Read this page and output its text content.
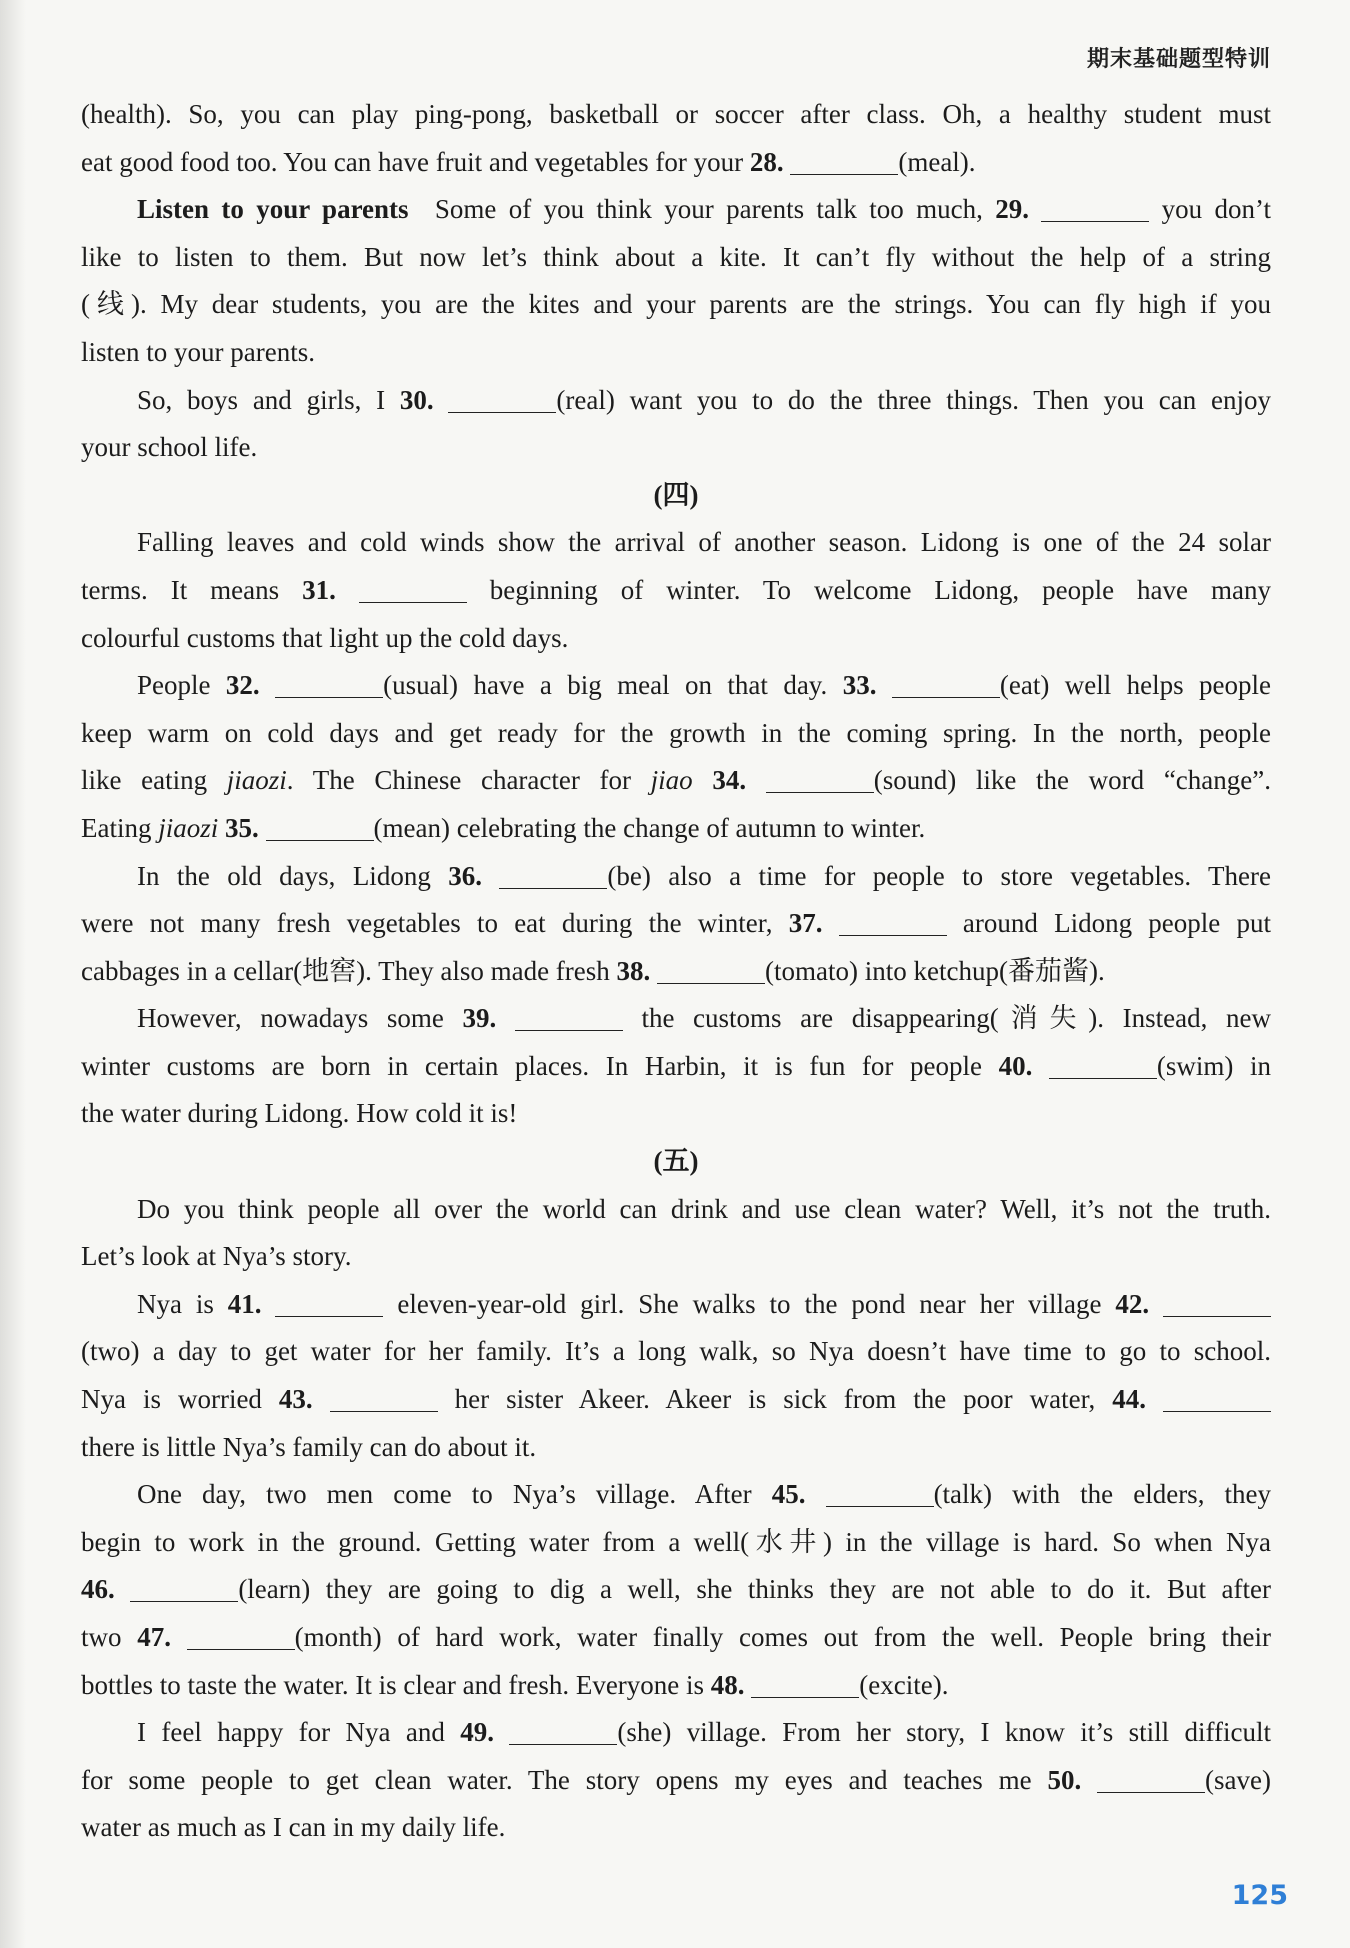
期末基础题型特训
(health). So, you can play ping-pong, basketball or soccer after class. Oh, a healthy student must
eat good food too. You can have fruit and vegetables for your 28.	(meal).
Listen to your parents Some of you think your parents talk too much, 29.	you don’t
like to listen to them. But now let’s think about a kite. It can’t fly without the help of a string
(线). My dear students, you are the kites and your parents are the strings. You can fly high if you
listen to your parents.
So, boys and girls, I 30.	(real) want you to do the three things. Then you can enjoy
your school life.
(四)
Falling leaves and cold winds show the arrival of another season. Lidong is one of the 24 solar
terms. It means 31.	beginning of winter. To welcome Lidong, people have many
colourful customs that light up the cold days.
People 32.	(usual) have a big meal on that day. 33.	(eat) well helps people
keep warm on cold days and get ready for the growth in the coming spring. In the north, people
like eating jiaozi. The Chinese character for jiao 34.	(sound) like the word “change”.
Eating jiaozi 35.	(mean) celebrating the change of autumn to winter.
In the old days, Lidong 36.	(be) also a time for people to store vegetables. There
were not many fresh vegetables to eat during the winter, 37.	around Lidong people put
cabbages in a cellar(地窖). They also made fresh 38.	(tomato) into ketchup(番茄酱).
However, nowadays some 39.	the customs are disappearing(消失). Instead, new
winter customs are born in certain places. In Harbin, it is fun for people 40.	(swim) in
the water during Lidong. How cold it is!
(五)
Do you think people all over the world can drink and use clean water? Well, it’s not the truth.
Let’s look at Nya’s story.
Nya is 41.	eleven-year-old girl. She walks to the pond near her village 42.
(two) a day to get water for her family. It’s a long walk, so Nya doesn’t have time to go to school.
Nya is worried 43.	her sister Akeer. Akeer is sick from the poor water, 44.
there is little Nya’s family can do about it.
One day, two men come to Nya’s village. After 45.	(talk) with the elders, they
begin to work in the ground. Getting water from a well(水井) in the village is hard. So when Nya
46.	(learn) they are going to dig a well, she thinks they are not able to do it. But after
two 47.	(month) of hard work, water finally comes out from the well. People bring their
bottles to taste the water. It is clear and fresh. Everyone is 48.	(excite).
I feel happy for Nya and 49.	(she) village. From her story, I know it’s still difficult
for some people to get clean water. The story opens my eyes and teaches me 50.	(save)
water as much as I can in my daily life.
125
